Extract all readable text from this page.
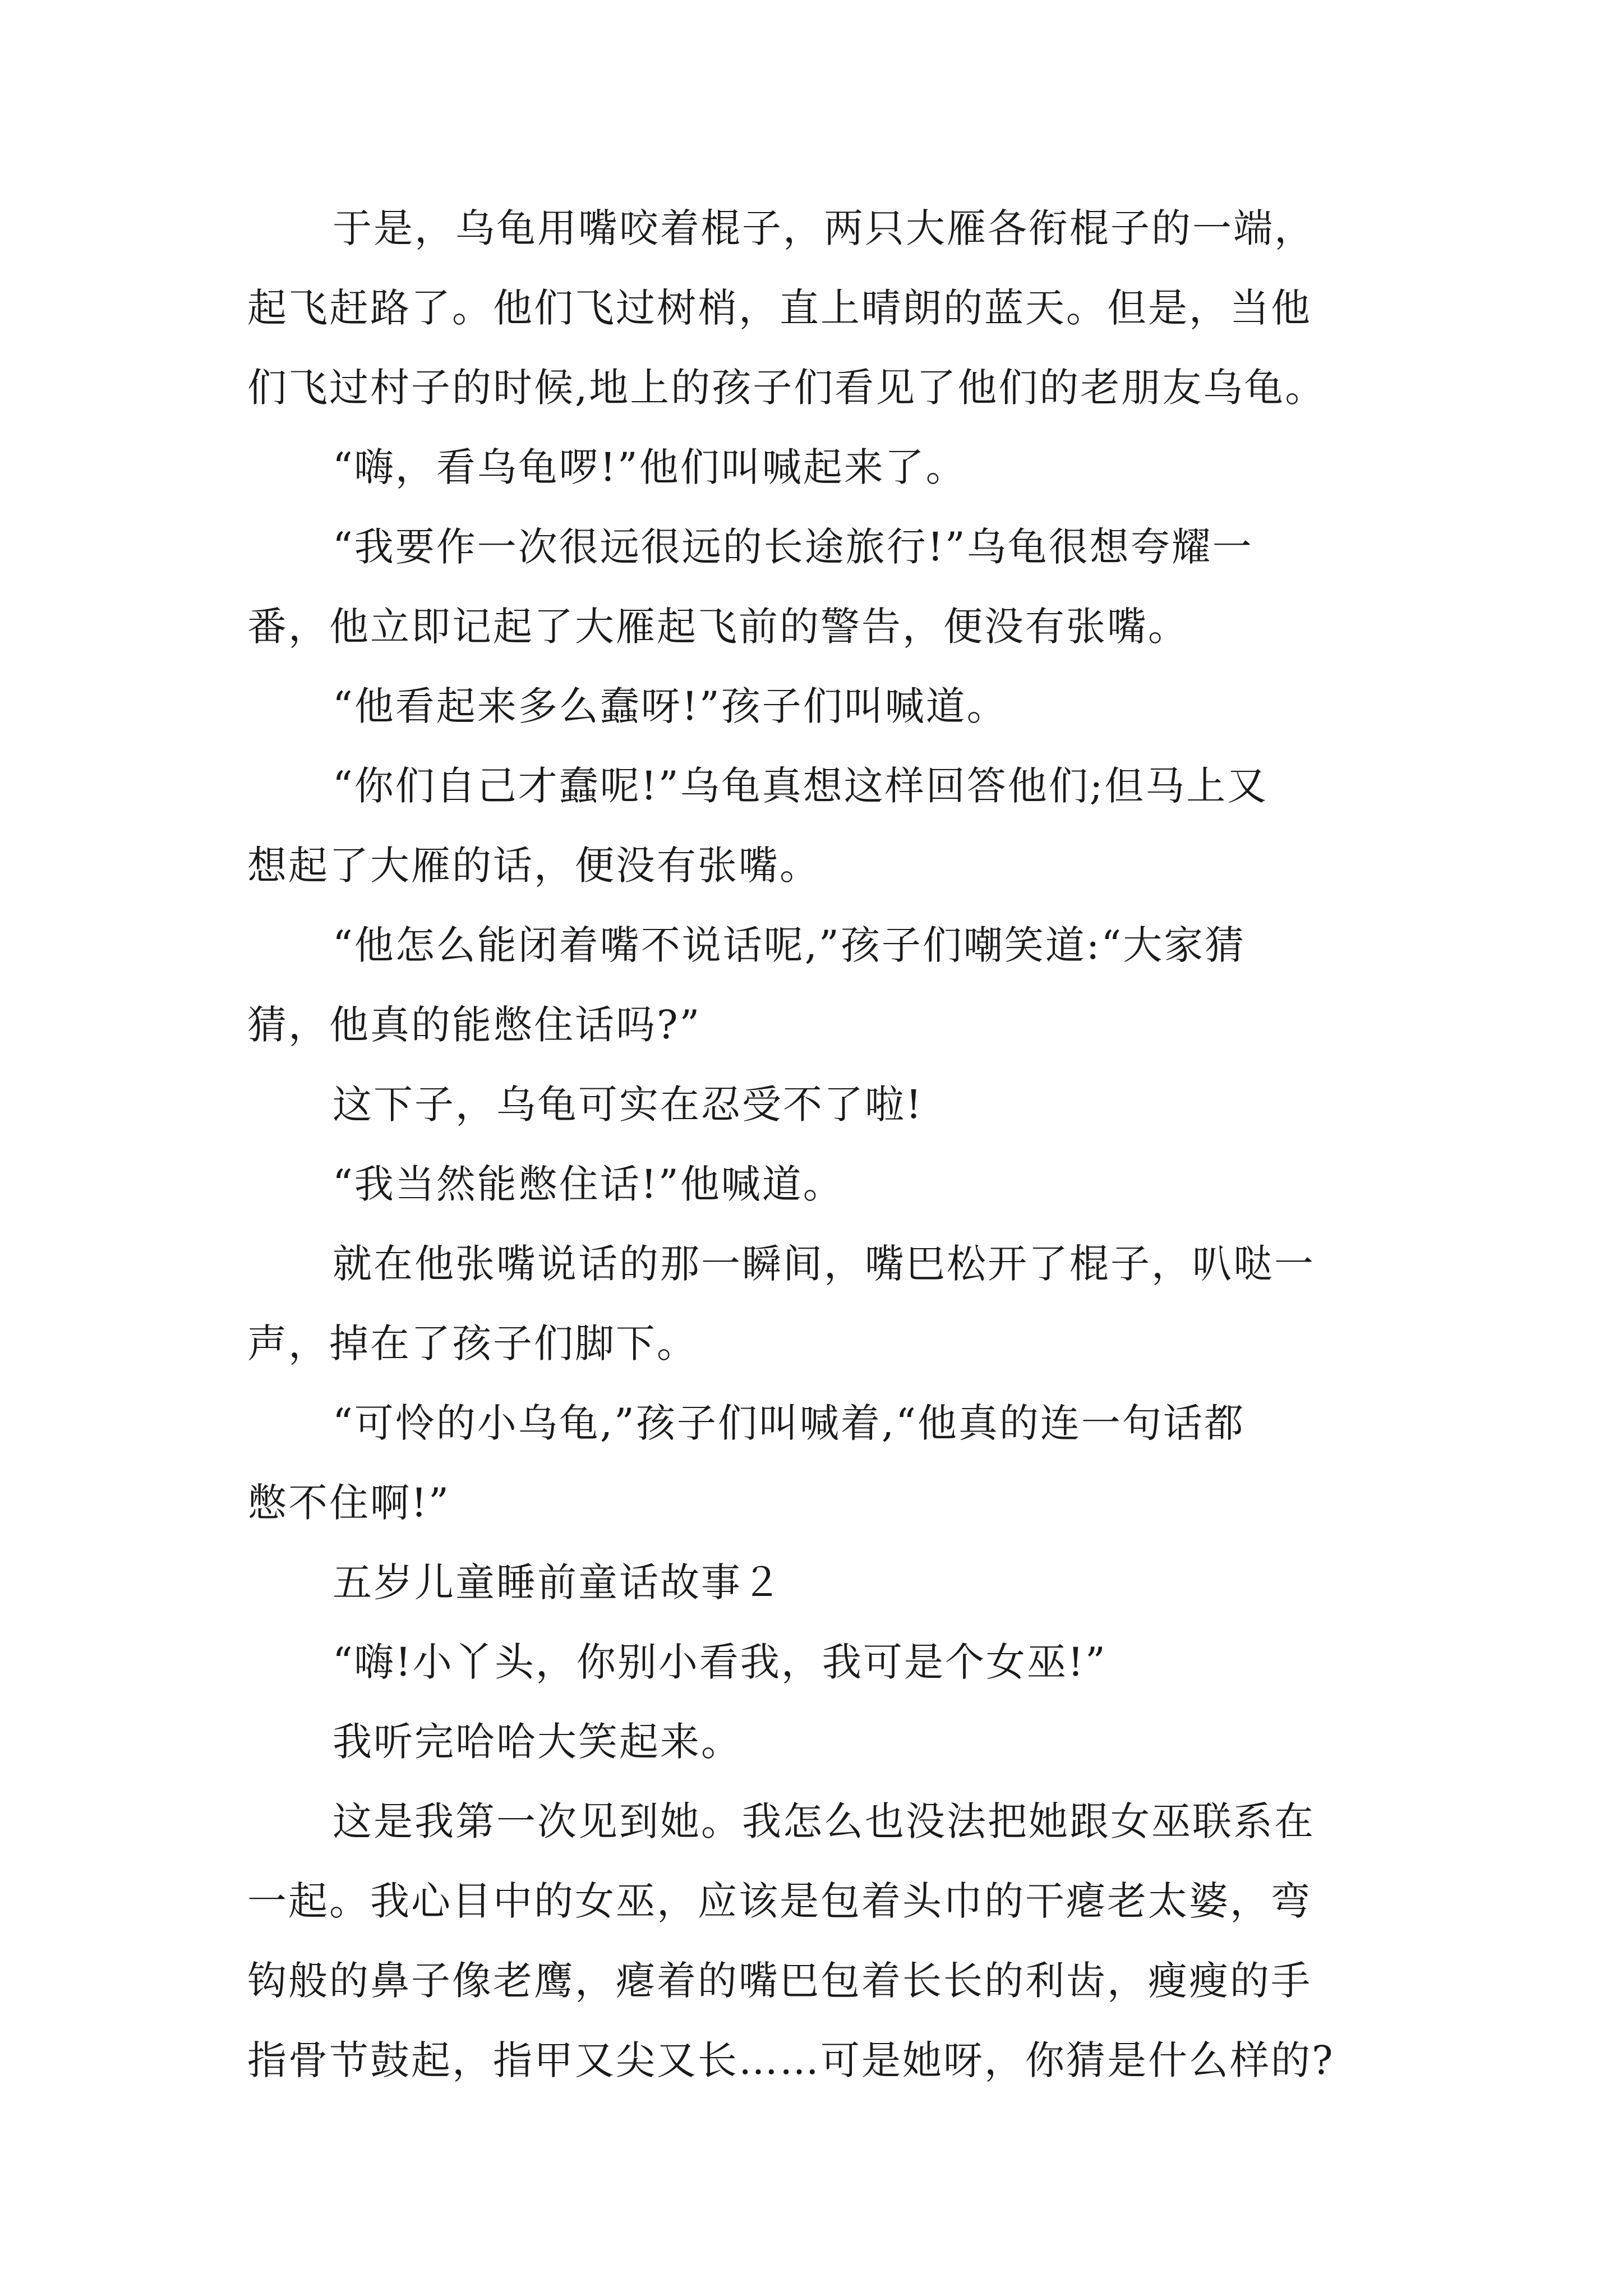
于是，乌龟用嘴咬着棍子，两只大雁各衔棍子的一端，
起飞赶路了。他们飞过树梢，直上晴朗的蓝天。但是，当他
们飞过村子的时候,地上的孩子们看见了他们的老朋友乌龟。
“嗨，看乌龟啰!”他们叫喊起来了。
“我要作一次很远很远的长途旅行!”乌龟很想夸耀一
番，他立即记起了大雁起飞前的警告，便没有张嘴。
“他看起来多么蠢呀!”孩子们叫喊道。
“你们自己才蠢呢!”乌龟真想这样回答他们;但马上又
想起了大雁的话，便没有张嘴。
“他怎么能闭着嘴不说话呢,”孩子们嘲笑道:“大家猜
猜，他真的能憋住话吗?”
这下子，乌龟可实在忍受不了啦!
“我当然能憋住话!”他喊道。
就在他张嘴说话的那一瞬间，嘴巴松开了棍子，叭哒一
声，掉在了孩子们脚下。
“可怜的小乌龟,”孩子们叫喊着,“他真的连一句话都
憋不住啊!”
五岁儿童睡前童话故事２
“嗨!小丫头，你别小看我，我可是个女巫!”
我听完哈哈大笑起来。
这是我第一次见到她。我怎么也没法把她跟女巫联系在
一起。我心目中的女巫，应该是包着头巾的干瘪老太婆，弯
钩般的鼻子像老鹰，瘪着的嘴巴包着长长的利齿，瘦瘦的手
指骨节鼓起，指甲又尖又长……可是她呀，你猜是什么样的?
